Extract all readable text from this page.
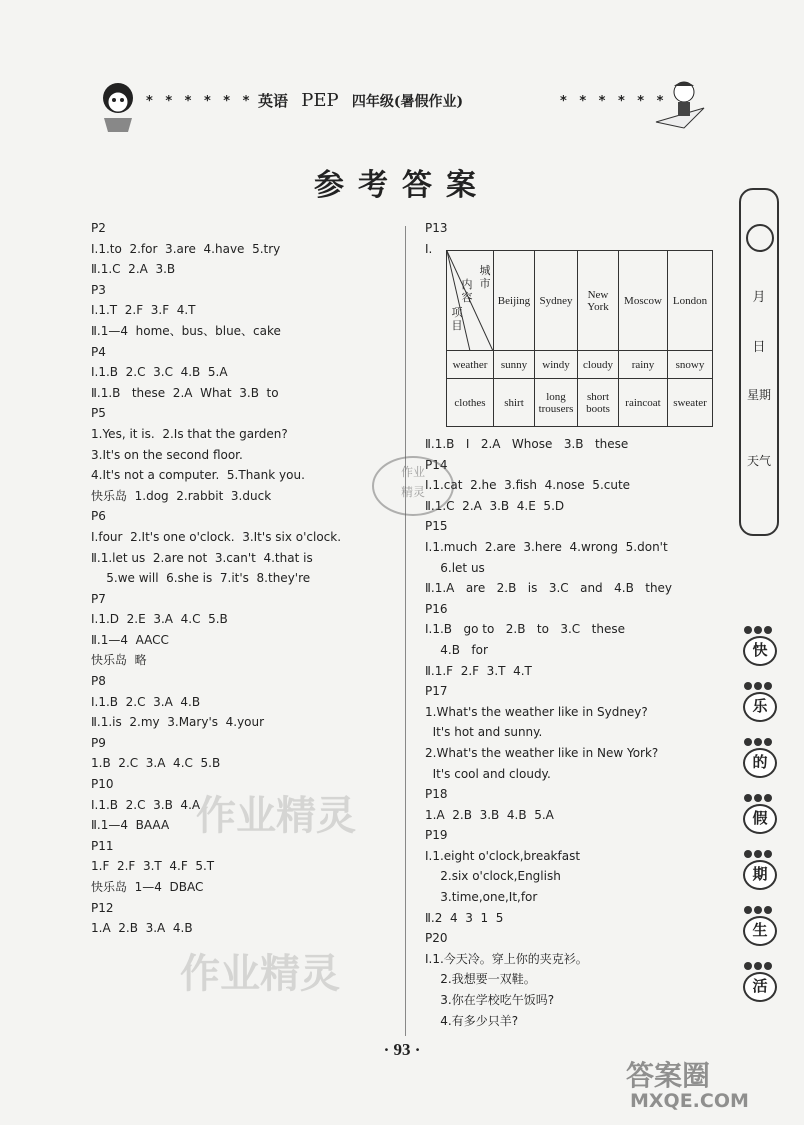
* * * * * * 英语 PEP 四年级(暑假作业)	* * * * * *
参考答案
P2
Ⅰ.1.to  2.for  3.are  4.have  5.try
Ⅱ.1.C  2.A  3.B
P3
Ⅰ.1.T  2.F  3.F  4.T
Ⅱ.1—4  home、bus、blue、cake
P4
Ⅰ.1.B  2.C  3.C  4.B  5.A
Ⅱ.1.B   these  2.A  What  3.B  to
P5
1.Yes, it is.  2.Is that the garden?
3.It's on the second floor.
4.It's not a computer.  5.Thank you.
快乐岛  1.dog  2.rabbit  3.duck
P6
Ⅰ.four  2.It's one o'clock.  3.It's six o'clock.
Ⅱ.1.let us  2.are not  3.can't  4.that is
5.we will  6.she is  7.it's  8.they're
P7
Ⅰ.1.D  2.E  3.A  4.C  5.B
Ⅱ.1—4  AACC
快乐岛  略
P8
Ⅰ.1.B  2.C  3.A  4.B
Ⅱ.1.is  2.my  3.Mary's  4.your
P9
1.B  2.C  3.A  4.C  5.B
P10
Ⅰ.1.B  2.C  3.B  4.A
Ⅱ.1—4  BAAA
P11
1.F  2.F  3.T  4.F  5.T
快乐岛  1—4  DBAC
P12
1.A  2.B  3.A  4.B
P13
Ⅰ.
城市
内容
项目	Beijing	Sydney	New York	Moscow	London
weather	sunny	windy	cloudy	rainy	snowy
clothes	shirt	long trousers	short boots	raincoat	sweater
Ⅱ.1.B   I   2.A   Whose   3.B   these
P14
Ⅰ.1.cat  2.he  3.fish  4.nose  5.cute
Ⅱ.1.C  2.A  3.B  4.E  5.D
P15
Ⅰ.1.much  2.are  3.here  4.wrong  5.don't
6.let us
Ⅱ.1.A   are   2.B   is   3.C   and   4.B   they
P16
Ⅰ.1.B   go to   2.B   to   3.C   these
4.B   for
Ⅱ.1.F  2.F  3.T  4.T
P17
1.What's the weather like in Sydney?
It's hot and sunny.
2.What's the weather like in New York?
It's cool and cloudy.
P18
1.A  2.B  3.B  4.B  5.A
P19
Ⅰ.1.eight o'clock,breakfast
2.six o'clock,English
3.time,one,It,for
Ⅱ.2  4  3  1  5
P20
Ⅰ.1.今天冷。穿上你的夹克衫。
2.我想要一双鞋。
3.你在学校吃午饭吗?
4.有多少只羊?
月
日
星期
天气
快
乐
的
假
期
生
活
作业精灵
作业精灵
作业
精灵
· 93 ·
答案圈
MXQE.COM
